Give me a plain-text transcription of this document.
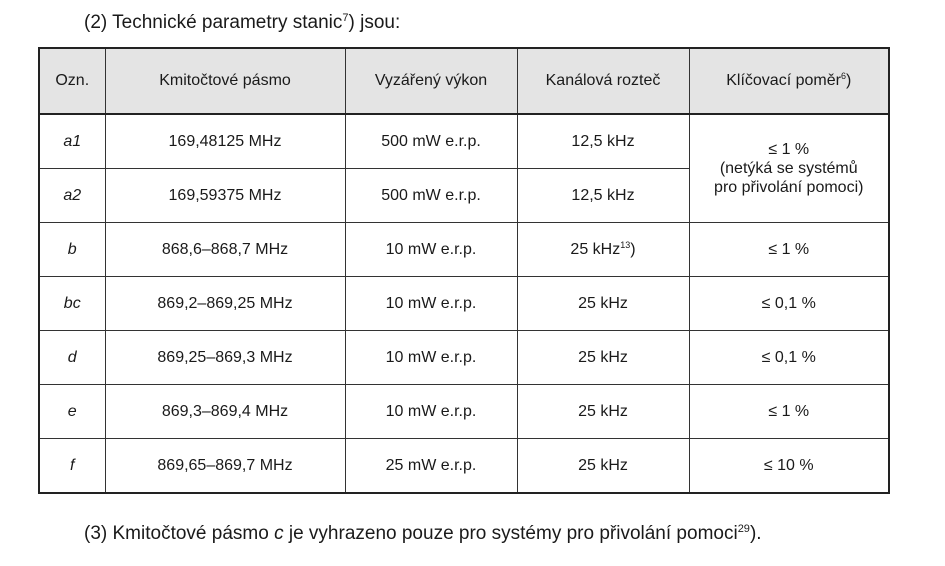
(2) Technické parametry stanic$^7$) jsou:
Ozn.	Kmitočtové pásmo	Vyzářený výkon	Kanálová rozteč	Klíčovací poměr$^6$)
a1	169,48125 MHz	500 mW e.r.p.	12,5 kHz	≤ 1 %
(netýká se systémů
pro přivolání pomoci)

a2	169,59375 MHz	500 mW e.r.p.	12,5 kHz	
b	868,6–868,7 MHz	10 mW e.r.p.	25 kHz$^{13}$)	≤ 1 %
bc	869,2–869,25 MHz	10 mW e.r.p.	25 kHz	≤ 0,1 %
d	869,25–869,3 MHz	10 mW e.r.p.	25 kHz	≤ 0,1 %
e	869,3–869,4 MHz	10 mW e.r.p.	25 kHz	≤ 1 %
f	869,65–869,7 MHz	25 mW e.r.p.	25 kHz	≤ 10 %
(3) Kmitočtové pásmo c je vyhrazeno pouze pro systémy pro přivolání pomoci$^{29}$).
